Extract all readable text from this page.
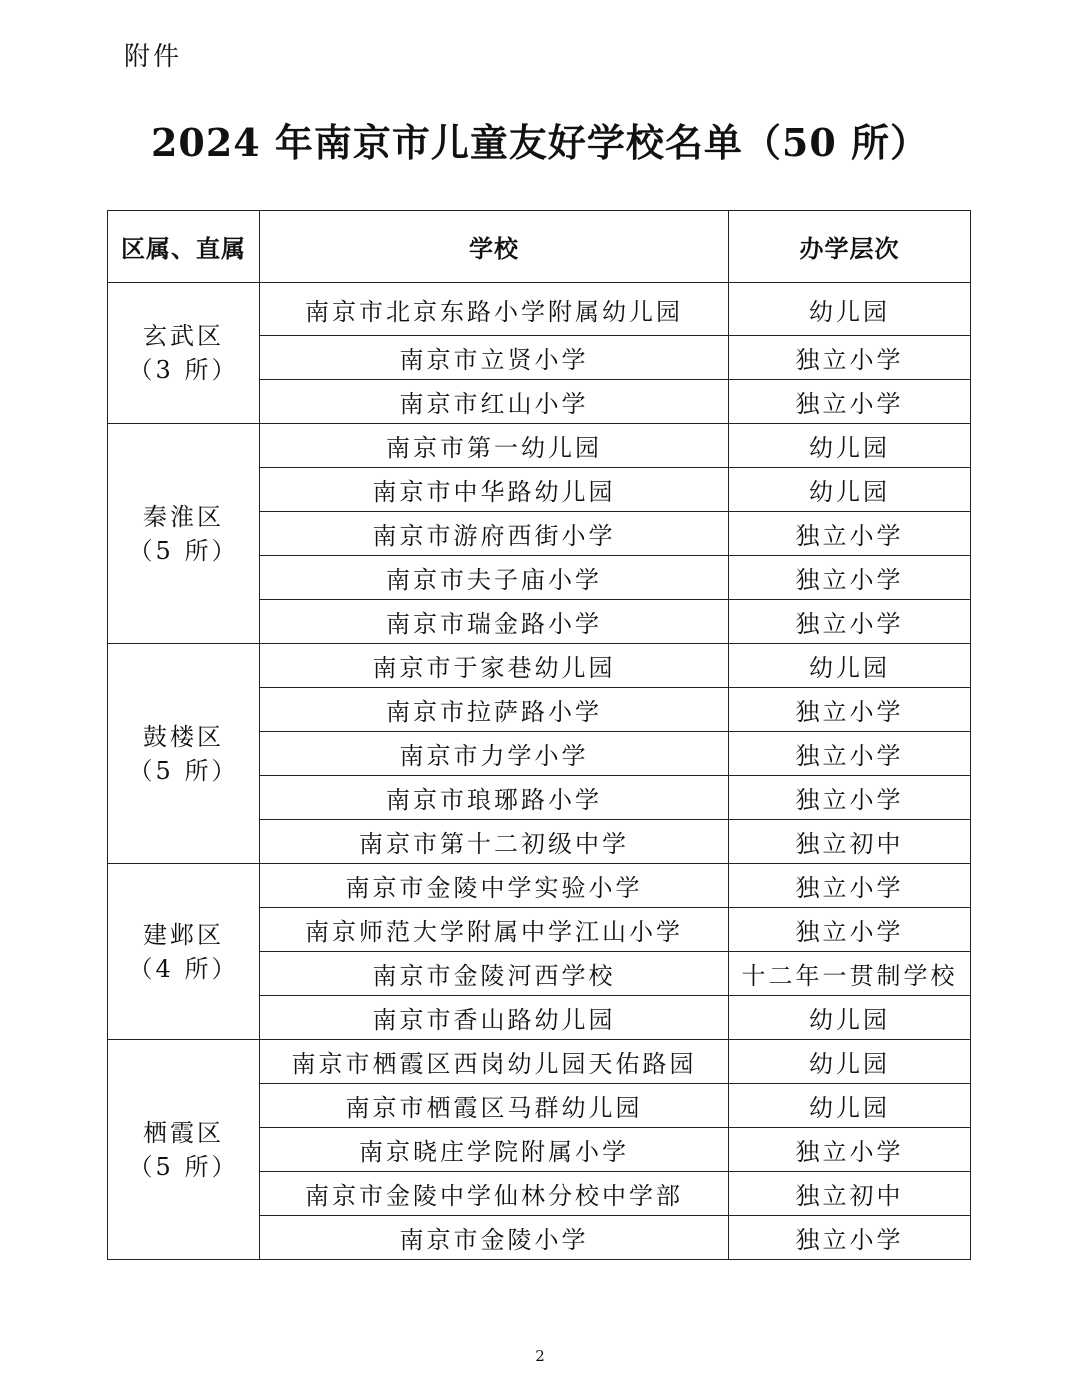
附件
2024 年南京市儿童友好学校名单（50 所）
区属、直属	学校	办学层次

玄武区
（3 所）	南京市北京东路小学附属幼儿园	幼儿园
	南京市立贤小学	独立小学
	南京市红山小学	独立小学

秦淮区
（5 所）	南京市第一幼儿园	幼儿园
	南京市中华路幼儿园	幼儿园
	南京市游府西街小学	独立小学
	南京市夫子庙小学	独立小学
	南京市瑞金路小学	独立小学

鼓楼区
（5 所）	南京市于家巷幼儿园	幼儿园
	南京市拉萨路小学	独立小学
	南京市力学小学	独立小学
	南京市琅琊路小学	独立小学
	南京市第十二初级中学	独立初中

建邺区
（4 所）	南京市金陵中学实验小学	独立小学
	南京师范大学附属中学江山小学	独立小学
	南京市金陵河西学校	十二年一贯制学校
	南京市香山路幼儿园	幼儿园

栖霞区
（5 所）	南京市栖霞区西岗幼儿园天佑路园	幼儿园
	南京市栖霞区马群幼儿园	幼儿园
	南京晓庄学院附属小学	独立小学
	南京市金陵中学仙林分校中学部	独立初中
	南京市金陵小学	独立小学
2
